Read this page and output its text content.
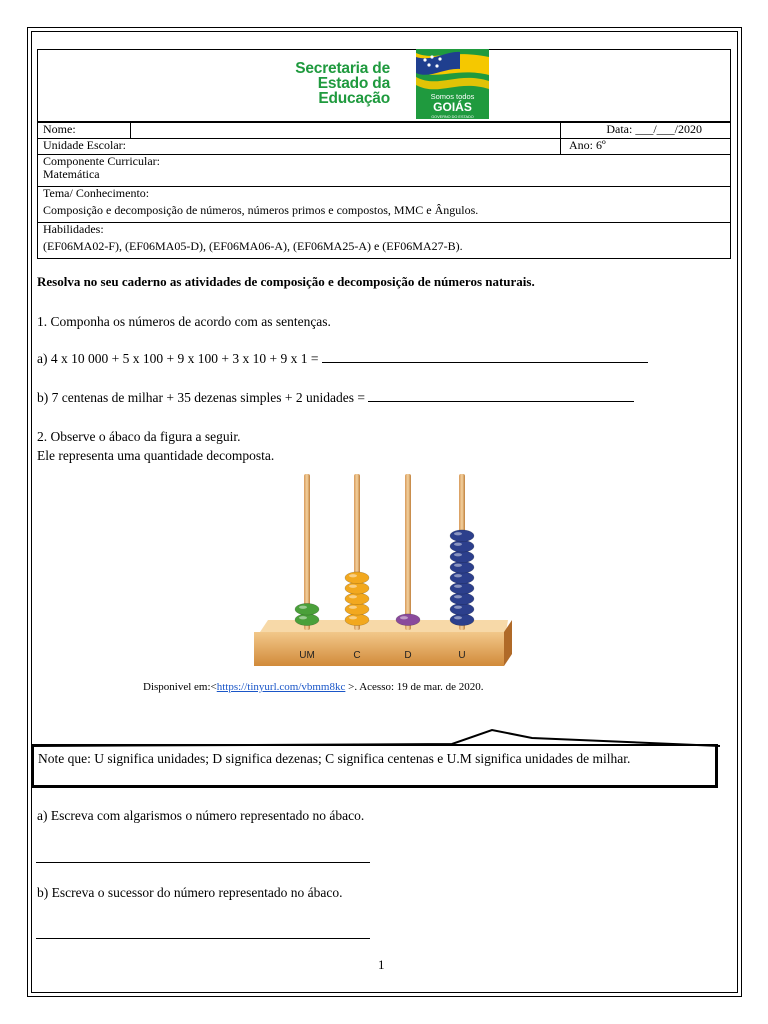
Secretaria de
Estado da
Educação	Somos todos
GOIÁS
GOVERNO DO ESTADO
Nome:		Data: ___/___/2020
Unidade Escolar:		Ano: 6º

Componente Curricular:
Matemática		

Tema/ Conhecimento:
Composição e decomposição de números, números primos e compostos, MMC e Ângulos.		

Habilidades:
(EF06MA02-F), (EF06MA05-D), (EF06MA06-A), (EF06MA25-A) e (EF06MA27-B).		
Resolva no seu caderno as atividades de composição e decomposição de números naturais.
1. Componha os números de acordo com as sentenças.
a) 4 x 10 000 + 5 x 100 + 9 x 100 + 3 x 10 + 9 x 1 =
b) 7 centenas de milhar + 35 dezenas simples + 2 unidades =
2. Observe o ábaco da figura a seguir.
Ele representa uma quantidade decomposta.
UM	C	D	U
Disponivel em:<https://tinyurl.com/vbmm8kc >. Acesso: 19 de mar. de 2020.
Note que: U significa unidades; D significa dezenas; C significa centenas e U.M significa unidades de milhar.
a) Escreva com algarismos o número representado no ábaco.
b) Escreva o sucessor do número representado no ábaco.
1
